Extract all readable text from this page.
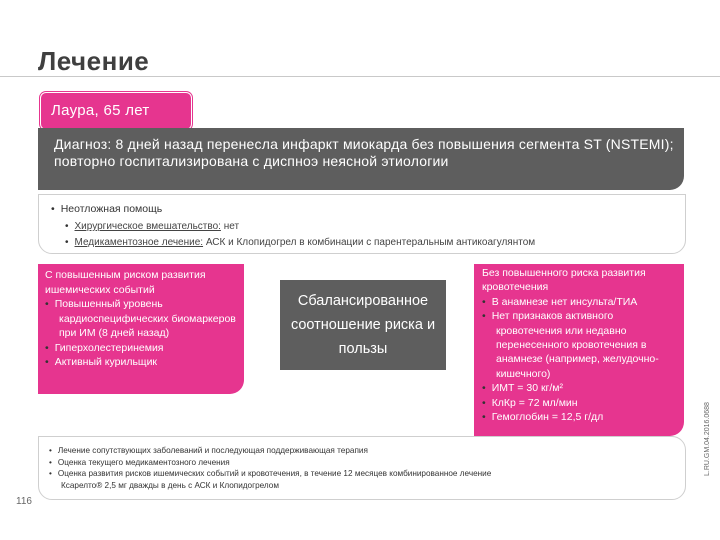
Лечение
Лаура, 65 лет
Диагноз: 8 дней назад перенесла инфаркт миокарда без повышения сегмента ST (NSTEMI); повторно госпитализирована с диспноэ неясной этиологии
• Неотложная помощь
• Хирургическое вмешательство: нет
• Медикаментозное лечение: АСК и Клопидогрел в комбинации с парентеральным антикоагулянтом
С повышенным риском развития ишемических событий
• Повышенный уровень кардиоспецифических биомаркеров при ИМ (8 дней назад)
• Гиперхолестеринемия
• Активный курильщик
Сбалансированное соотношение риска и пользы
Без повышенного риска развития кровотечения
• В анамнезе нет инсульта/ТИА
• Нет признаков активного кровотечения или недавно перенесенного кровотечения в анамнезе (например, желудочно-кишечного)
• ИМТ = 30 кг/м²
• КлКр = 72 мл/мин
• Гемоглобин = 12,5 г/дл
• Лечение сопутствующих заболеваний и последующая поддерживающая терапия
• Оценка текущего медикаментозного лечения
• Оценка развития рисков ишемических событий и кровотечения, в течение 12 месяцев комбинированное лечение Ксарелто® 2,5 мг дважды в день с АСК и Клопидогрелом
116
L.RU.GM.04.2016.0688
